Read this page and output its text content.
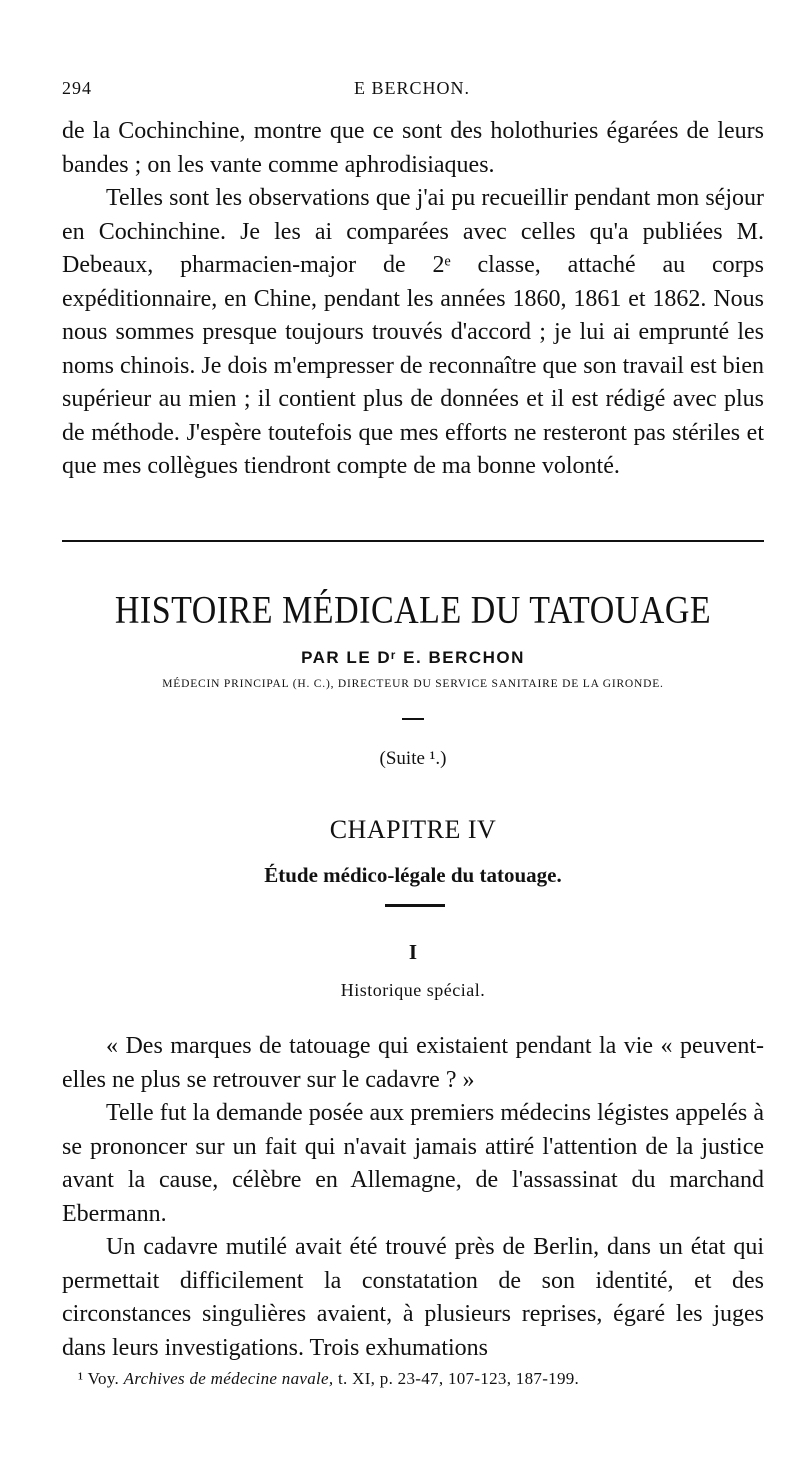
294	E BERCHON.

de la Cochinchine, montre que ce sont des holothuries égarées de leurs bandes ; on les vante comme aphrodisiaques.

Telles sont les observations que j'ai pu recueillir pendant mon séjour en Cochinchine. Je les ai comparées avec celles qu'a publiées M. Debeaux, pharmacien-major de 2ᵉ classe, attaché au corps expéditionnaire, en Chine, pendant les années 1860, 1861 et 1862. Nous nous sommes presque toujours trouvés d'accord ; je lui ai emprunté les noms chinois. Je dois m'empresser de reconnaître que son travail est bien supérieur au mien ; il contient plus de données et il est rédigé avec plus de méthode. J'espère toutefois que mes efforts ne resteront pas stériles et que mes collègues tiendront compte de ma bonne volonté.

HISTOIRE MÉDICALE DU TATOUAGE
PAR LE Dʳ E. BERCHON
MÉDECIN PRINCIPAL (H. C.), DIRECTEUR DU SERVICE SANITAIRE DE LA GIRONDE.
(Suite ¹.)
CHAPITRE IV
Étude médico-légale du tatouage.
I
Historique spécial.

« Des marques de tatouage qui existaient pendant la vie « peuvent-elles ne plus se retrouver sur le cadavre ? »

Telle fut la demande posée aux premiers médecins légistes appelés à se prononcer sur un fait qui n'avait jamais attiré l'attention de la justice avant la cause, célèbre en Allemagne, de l'assassinat du marchand Ebermann.

Un cadavre mutilé avait été trouvé près de Berlin, dans un état qui permettait difficilement la constatation de son identité, et des circonstances singulières avaient, à plusieurs reprises, égaré les juges dans leurs investigations. Trois exhumations

¹ Voy. Archives de médecine navale, t. XI, p. 23-47, 107-123, 187-199.
